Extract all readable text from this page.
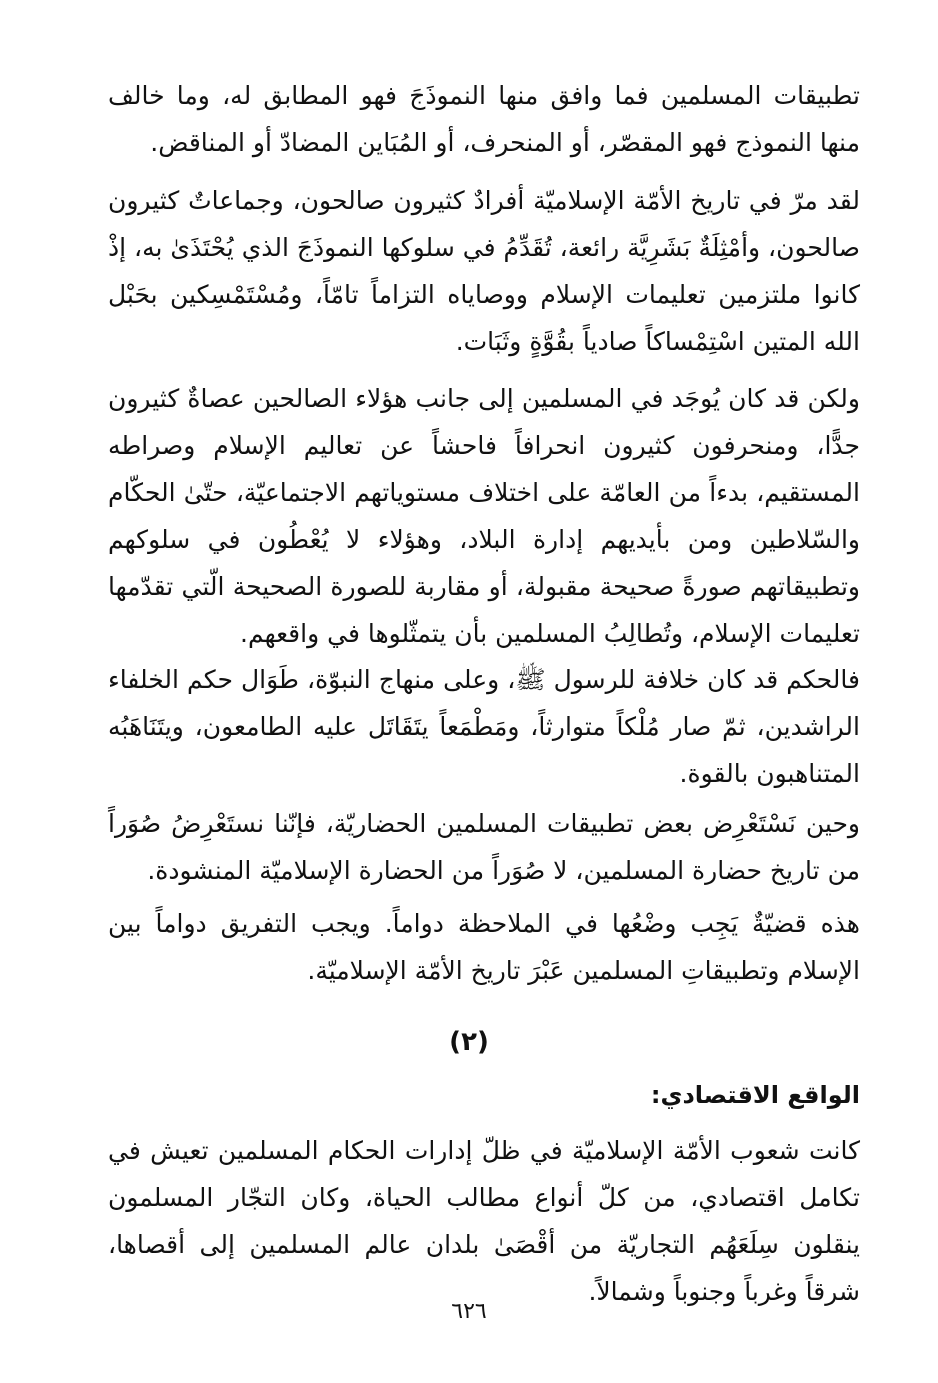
تطبيقات المسلمين فما وافق منها النموذَجَ فهو المطابق له، وما خالف منها النموذج فهو المقصّر، أو المنحرف، أو المُبَاين المضادّ أو المناقض.

لقد مرّ في تاريخ الأمّة الإسلاميّة أفرادٌ كثيرون صالحون، وجماعاتٌ كثيرون صالحون، وأمْثِلَةٌ بَشَرِيَّة رائعة، تُقَدِّمُ في سلوكها النموذَجَ الذي يُحْتَذَىٰ به، إذْ كانوا ملتزمين تعليمات الإسلام ووصاياه التزاماً تامّاً، ومُسْتَمْسِكين بحَبْل الله المتين اسْتِمْساكاً صادياً بقُوَّةٍ وثَبَات.

ولكن قد كان يُوجَد في المسلمين إلى جانب هؤلاء الصالحين عصاةٌ كثيرون جدًّا، ومنحرفون كثيرون انحرافاً فاحشاً عن تعاليم الإسلام وصراطه المستقيم، بدءاً من العامّة على اختلاف مستوياتهم الاجتماعيّة، حتّىٰ الحكّام والسّلاطين ومن بأيديهم إدارة البلاد، وهؤلاء لا يُعْطُون في سلوكهم وتطبيقاتهم صورةً صحيحة مقبولة، أو مقاربة للصورة الصحيحة الّتي تقدّمها تعليمات الإسلام، وتُطالِبُ المسلمين بأن يتمثّلوها في واقعهم.

فالحكم قد كان خلافة للرسول ﷺ، وعلى منهاج النبوّة، طَوَال حكم الخلفاء الراشدين، ثمّ صار مُلْكاً متوارثاً، ومَطْمَعاً يتَقَاتَل عليه الطامعون، ويتَنَاهَبُه المتناهبون بالقوة.

وحين نَسْتَعْرِض بعض تطبيقات المسلمين الحضاريّة، فإنّنا نستَعْرِضُ صُوَراً من تاريخ حضارة المسلمين، لا صُوَراً من الحضارة الإسلاميّة المنشودة.

هذه قضيّةٌ يَجِب وضْعُها في الملاحظة دواماً. ويجب التفريق دواماً بين الإسلام وتطبيقاتِ المسلمين عَبْرَ تاريخ الأمّة الإسلاميّة.

(٢)
الواقع الاقتصادي:

كانت شعوب الأمّة الإسلاميّة في ظلّ إدارات الحكام المسلمين تعيش في تكامل اقتصادي، من كلّ أنواع مطالب الحياة، وكان التجّار المسلمون ينقلون سِلَعَهُم التجاريّة من أقْصَىٰ بلدان عالم المسلمين إلى أقصاها، شرقاً وغرباً وجنوباً وشمالاً.

٦٢٦
